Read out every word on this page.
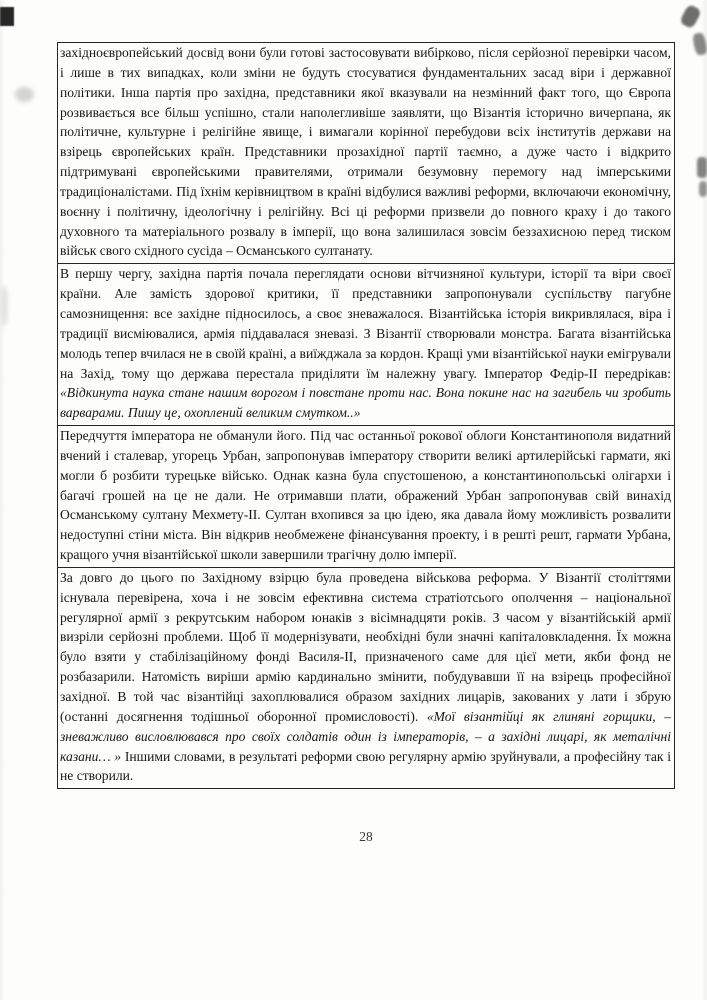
західноєвропейський досвід вони були готові застосовувати вибірково, після серйозної перевірки часом, і лише в тих випадках, коли зміни не будуть стосуватися фундаментальних засад віри і державної політики. Інша партія про західна, представники якої вказували на незмінний факт того, що Європа розвивається все більш успішно, стали наполегливіше заявляти, що Візантія історично вичерпана, як політичне, культурне і релігійне явище, і вимагали корінної перебудови всіх інститутів держави на взірець європейських країн. Представники прозахідної партії таємно, а дуже часто і відкрито підтримувані європейськими правителями, отримали безумовну перемогу над імперськими традиціоналістами. Під їхнім керівництвом в країні відбулися важливі реформи, включаючи економічну, воєнну і політичну, ідеологічну і релігійну. Всі ці реформи призвели до повного краху і до такого духовного та матеріального розвалу в імперії, що вона залишилася зовсім беззахисною перед тиском військ свого східного сусіда – Османського султанату.
В першу чергу, західна партія почала переглядати основи вітчизняної культури, історії та віри своєї країни. Але замість здорової критики, її представники запропонували суспільству пагубне самознищення: все західне підносилось, а своє зневажалося. Візантійська історія викривлялася, віра і традиції висміювалися, армія піддавалася зневазі. З Візантії створювали монстра. Багата візантійська молодь тепер вчилася не в своїй країні, а виїжджала за кордон. Кращі уми візантійської науки емігрували на Захід, тому що держава перестала приділяти їм належну увагу. Імператор Федір-II передрікав: «Відкинута наука стане нашим ворогом і повстане проти нас. Вона покине нас на загибель чи зробить варварами. Пишу це, охоплений великим смутком..»
Передчуття імператора не обманули його. Під час останньої рокової облоги Константинополя видатний вчений і сталевар, угорець Урбан, запропонував імператору створити великі артилерійські гармати, які могли б розбити турецьке військо. Однак казна була спустошеною, а константинопольські олігархи і багачі грошей на це не дали. Не отримавши плати, ображений Урбан запропонував свій винахід Османському султану Мехмету-II. Султан вхопився за цю ідею, яка давала йому можливість розвалити недоступні стіни міста. Він відкрив необмежене фінансування проекту, і в решті решт, гармати Урбана, кращого учня візантійської школи завершили трагічну долю імперії.
За довго до цього по Західному взірцю була проведена військова реформа. У Візантії століттями існувала перевірена, хоча і не зовсім ефективна система стратіотсього ополчення – національної регулярної армії з рекрутським набором юнаків з вісімнадцяти років. З часом у візантійській армії визріли серйозні проблеми. Щоб її модернізувати, необхідні були значні капіталовкладення. Їх можна було взяти у стабілізаційному фонді Василя-II, призначеного саме для цієї мети, якби фонд не розбазарили. Натомість виріши армію кардинально змінити, побудувавши її на взірець професійної західної. В той час візантійці захоплювалися образом західних лицарів, закованих у лати і збрую (останні досягнення тодішньої оборонної промисловості). «Мої візантійці як глиняні горщики, – зневажливо висловлювався про своїх солдатів один із імператорів, – а західні лицарі, як металічні казани… » Іншими словами, в результаті реформи свою регулярну армію зруйнували, а професійну так і не створили.
28
